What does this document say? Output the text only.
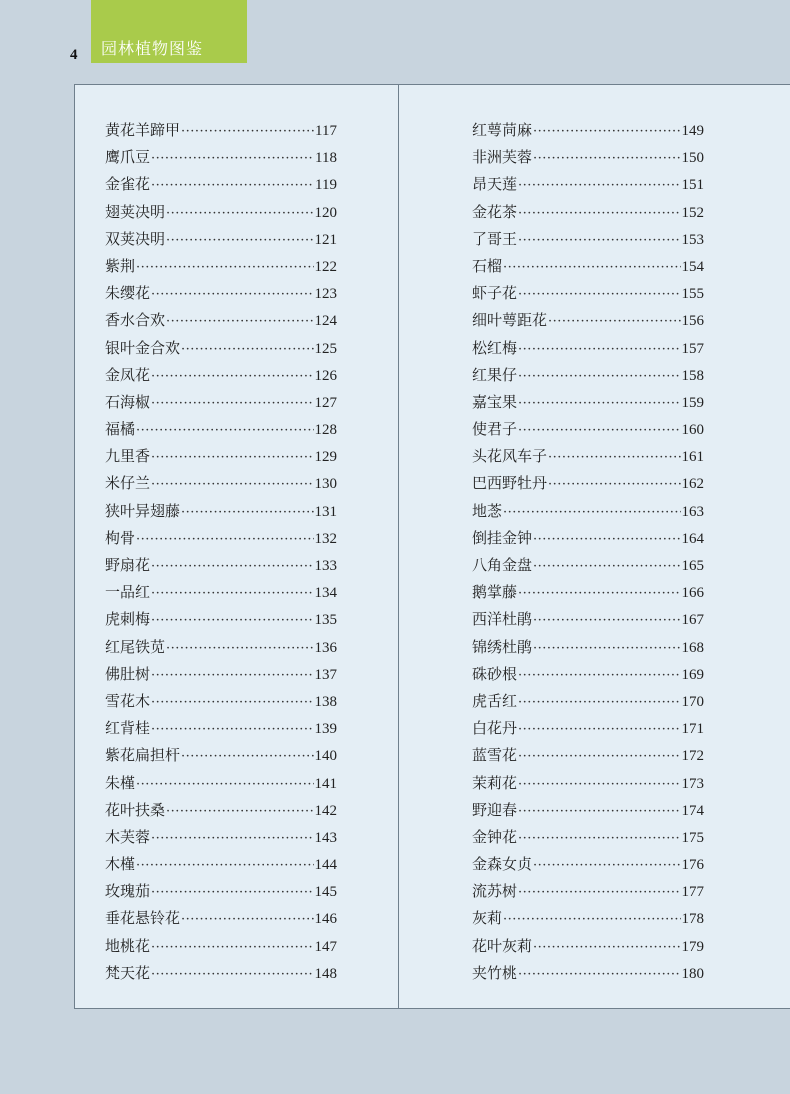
4	园林植物图鉴
黄花羊蹄甲 ·····	117
鹰爪豆 ·····	118
金雀花 ·····	119
翅荚决明 ·····	120
双荚决明 ·····	121
紫荆 ·····	122
朱缨花 ·····	123
香水合欢 ·····	124
银叶金合欢 ·····	125
金凤花 ·····	126
石海椒 ·····	127
福橘 ·····	128
九里香 ·····	129
米仔兰 ·····	130
狭叶异翅藤 ·····	131
枸骨 ·····	132
野扇花 ·····	133
一品红 ·····	134
虎刺梅 ·····	135
红尾铁苋 ·····	136
佛肚树 ·····	137
雪花木 ·····	138
红背桂 ·····	139
紫花扁担杆 ·····	140
朱槿 ·····	141
花叶扶桑 ·····	142
木芙蓉 ·····	143
木槿 ·····	144
玫瑰茄 ·····	145
垂花悬铃花 ·····	146
地桃花 ·····	147
梵天花 ·····	148
红萼苘麻 ·····	149
非洲芙蓉 ·····	150
昂天莲 ·····	151
金花茶 ·····	152
了哥王 ·····	153
石榴 ·····	154
虾子花 ·····	155
细叶萼距花 ·····	156
松红梅 ·····	157
红果仔 ·····	158
嘉宝果 ·····	159
使君子 ·····	160
头花风车子 ·····	161
巴西野牡丹 ·····	162
地菍 ·····	163
倒挂金钟 ·····	164
八角金盘 ·····	165
鹅掌藤 ·····	166
西洋杜鹃 ·····	167
锦绣杜鹃 ·····	168
硃砂根 ·····	169
虎舌红 ·····	170
白花丹 ·····	171
蓝雪花 ·····	172
茉莉花 ·····	173
野迎春 ·····	174
金钟花 ·····	175
金森女贞 ·····	176
流苏树 ·····	177
灰莉 ·····	178
花叶灰莉 ·····	179
夹竹桃 ·····	180
